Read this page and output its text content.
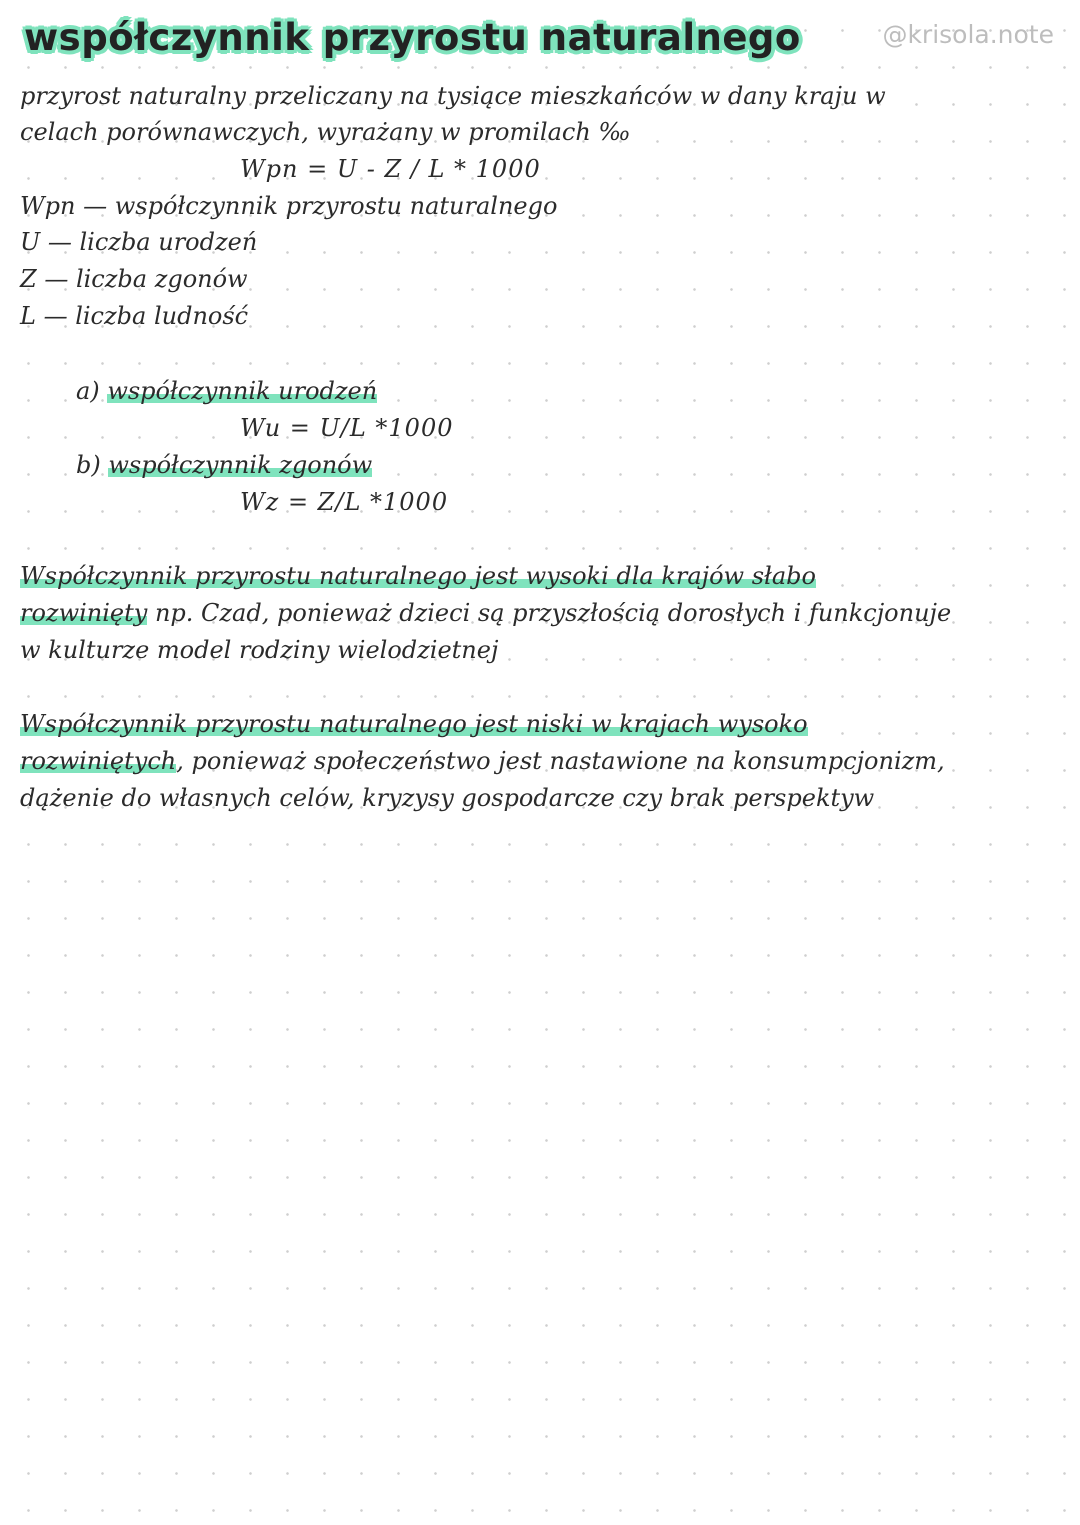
współczynnik przyrostu naturalnego	@krisola.note
przyrost naturalny przeliczany na tysiące mieszkańców w dany kraju w
celach porównawczych, wyrażany w promilach ‰
Wpn = U - Z / L * 1000
Wpn — współczynnik przyrostu naturalnego
U — liczba urodzeń
Z — liczba zgonów
L — liczba ludność
a) współczynnik urodzeń
Wu = U/L *1000
b) współczynnik zgonów
Wz = Z/L *1000
Współczynnik przyrostu naturalnego jest wysoki dla krajów słabo
rozwinięty np. Czad, ponieważ dzieci są przyszłością dorosłych i funkcjonuje
w kulturze model rodziny wielodzietnej
Współczynnik przyrostu naturalnego jest niski w krajach wysoko
rozwiniętych, ponieważ społeczeństwo jest nastawione na konsumpcjonizm,
dążenie do własnych celów, kryzysy gospodarcze czy brak perspektyw
